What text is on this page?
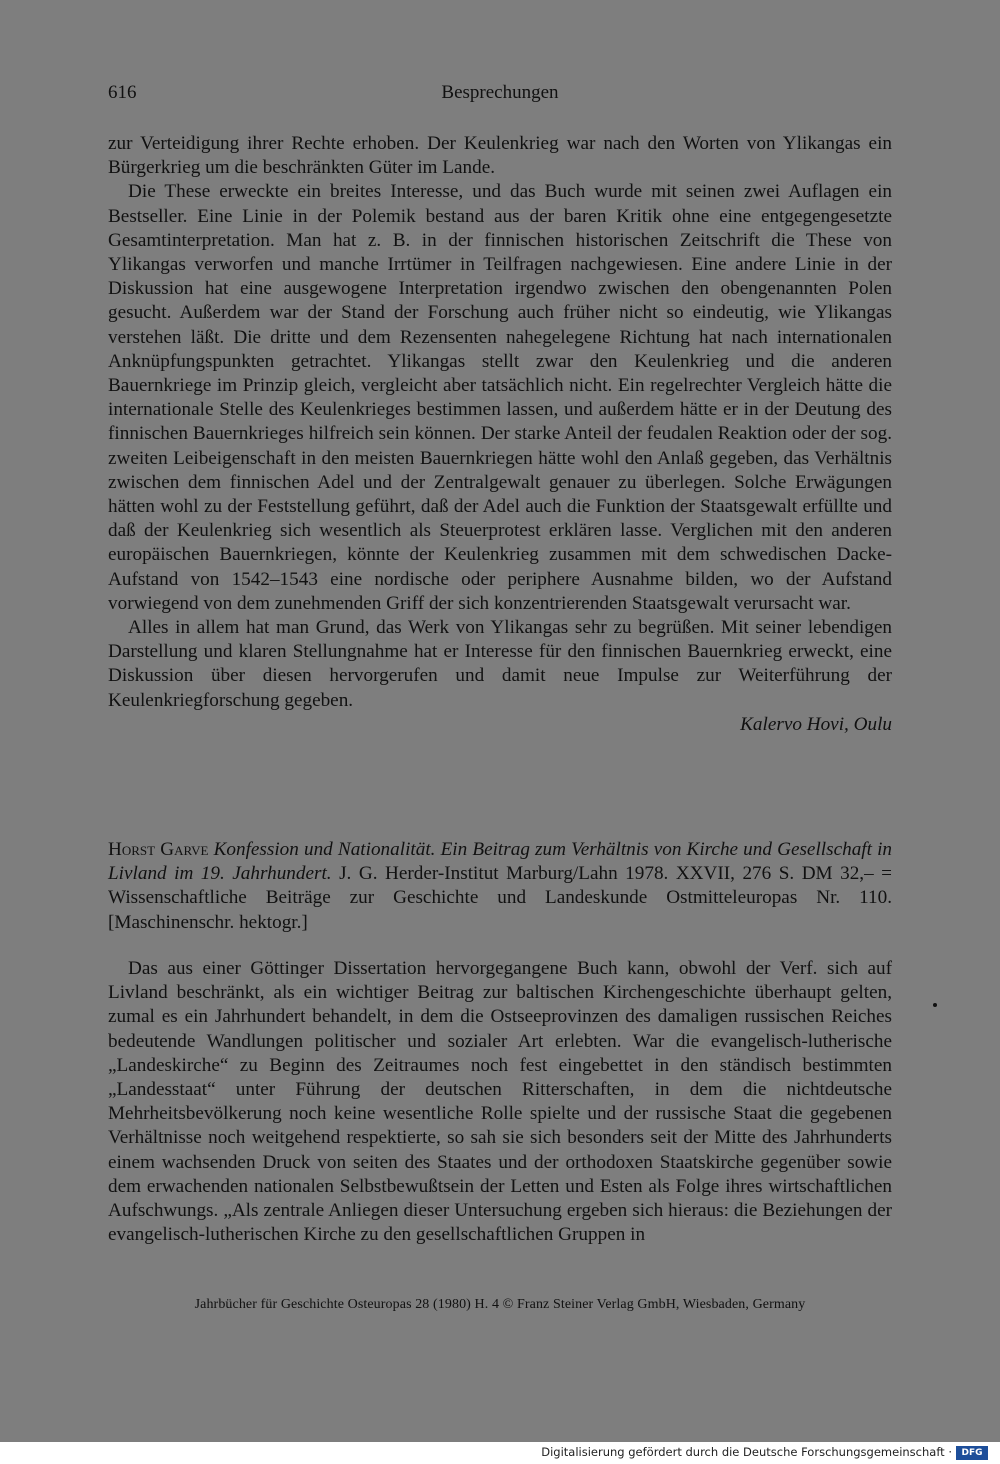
616	Besprechungen

zur Verteidigung ihrer Rechte erhoben. Der Keulenkrieg war nach den Worten von Ylikangas ein Bürgerkrieg um die beschränkten Güter im Lande.

Die These erweckte ein breites Interesse, und das Buch wurde mit seinen zwei Auflagen ein Bestseller. Eine Linie in der Polemik bestand aus der baren Kritik ohne eine entgegengesetzte Gesamtinterpretation. Man hat z. B. in der finnischen historischen Zeitschrift die These von Ylikangas verworfen und manche Irrtümer in Teilfragen nachgewiesen. Eine andere Linie in der Diskussion hat eine ausgewogene Interpretation irgendwo zwischen den obengenannten Polen gesucht. Außerdem war der Stand der Forschung auch früher nicht so eindeutig, wie Ylikangas verstehen läßt. Die dritte und dem Rezensenten nahegelegene Richtung hat nach internationalen Anknüpfungspunkten getrachtet. Ylikangas stellt zwar den Keulenkrieg und die anderen Bauernkriege im Prinzip gleich, vergleicht aber tatsächlich nicht. Ein regelrechter Vergleich hätte die internationale Stelle des Keulenkrieges bestimmen lassen, und außerdem hätte er in der Deutung des finnischen Bauernkrieges hilfreich sein können. Der starke Anteil der feudalen Reaktion oder der sog. zweiten Leibeigenschaft in den meisten Bauernkriegen hätte wohl den Anlaß gegeben, das Verhältnis zwischen dem finnischen Adel und der Zentralgewalt genauer zu überlegen. Solche Erwägungen hätten wohl zu der Feststellung geführt, daß der Adel auch die Funktion der Staatsgewalt erfüllte und daß der Keulenkrieg sich wesentlich als Steuerprotest erklären lasse. Verglichen mit den anderen europäischen Bauernkriegen, könnte der Keulenkrieg zusammen mit dem schwedischen Dacke-Aufstand von 1542–1543 eine nordische oder periphere Ausnahme bilden, wo der Aufstand vorwiegend von dem zunehmenden Griff der sich konzentrierenden Staatsgewalt verursacht war.

Alles in allem hat man Grund, das Werk von Ylikangas sehr zu begrüßen. Mit seiner lebendigen Darstellung und klaren Stellungnahme hat er Interesse für den finnischen Bauernkrieg erweckt, eine Diskussion über diesen hervorgerufen und damit neue Impulse zur Weiterführung der Keulenkriegforschung gegeben.

Kalervo Hovi, Oulu

Horst Garve Konfession und Nationalität. Ein Beitrag zum Verhältnis von Kirche und Gesellschaft in Livland im 19. Jahrhundert. J. G. Herder-Institut Marburg/Lahn 1978. XXVII, 276 S. DM 32,– = Wissenschaftliche Beiträge zur Geschichte und Landeskunde Ostmitteleuropas Nr. 110. [Maschinenschr. hektogr.]

Das aus einer Göttinger Dissertation hervorgegangene Buch kann, obwohl der Verf. sich auf Livland beschränkt, als ein wichtiger Beitrag zur baltischen Kirchengeschichte überhaupt gelten, zumal es ein Jahrhundert behandelt, in dem die Ostseeprovinzen des damaligen russischen Reiches bedeutende Wandlungen politischer und sozialer Art erlebten. War die evangelisch-lutherische „Landeskirche“ zu Beginn des Zeitraumes noch fest eingebettet in den ständisch bestimmten „Landesstaat“ unter Führung der deutschen Ritterschaften, in dem die nichtdeutsche Mehrheitsbevölkerung noch keine wesentliche Rolle spielte und der russische Staat die gegebenen Verhältnisse noch weitgehend respektierte, so sah sie sich besonders seit der Mitte des Jahrhunderts einem wachsenden Druck von seiten des Staates und der orthodoxen Staatskirche gegenüber sowie dem erwachenden nationalen Selbstbewußtsein der Letten und Esten als Folge ihres wirtschaftlichen Aufschwungs. „Als zentrale Anliegen dieser Untersuchung ergeben sich hieraus: die Beziehungen der evangelisch-lutherischen Kirche zu den gesellschaftlichen Gruppen in

Jahrbücher für Geschichte Osteuropas 28 (1980) H. 4 © Franz Steiner Verlag GmbH, Wiesbaden, Germany
Digitalisierung gefördert durch die Deutsche Forschungsgemeinschaft ·	DFG
